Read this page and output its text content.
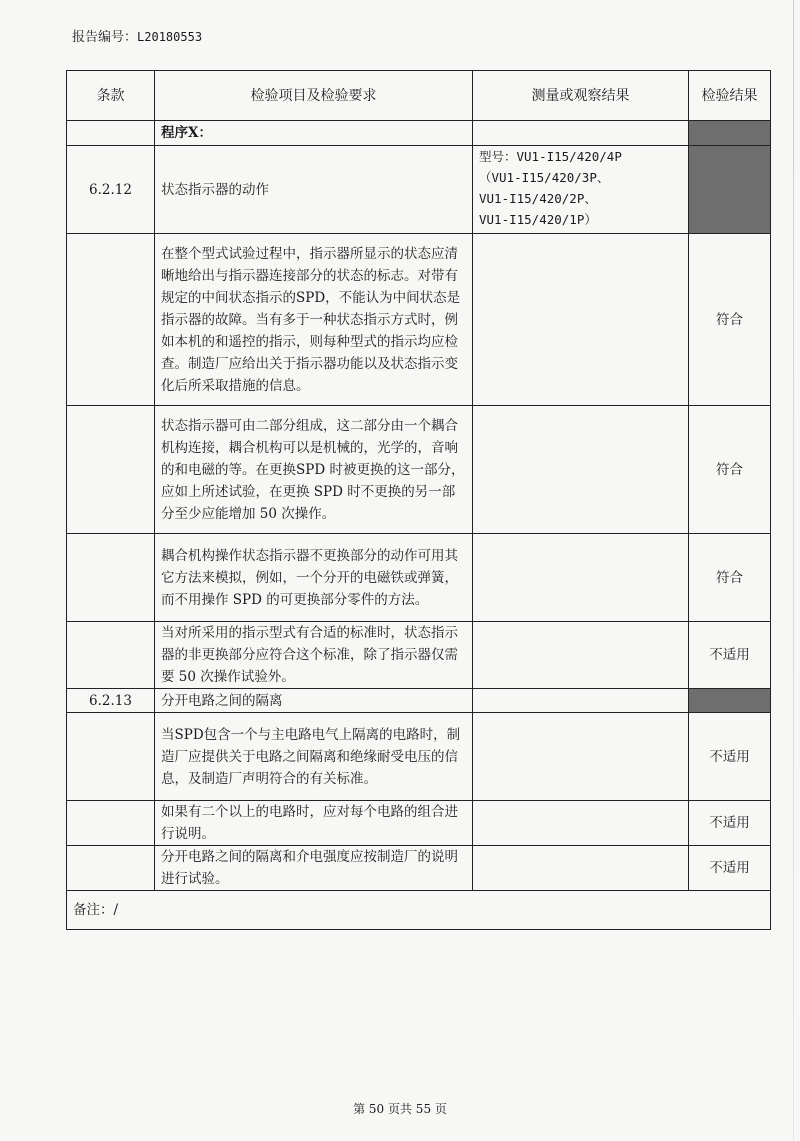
报告编号：L20180553
条款	检验项目及检验要求	测量或观察结果	检验结果
	程序X：		
6.2.12	状态指示器的动作	型号：VU1-I15/420/4P
（VU1-I15/420/3P、
VU1-I15/420/2P、
VU1-I15/420/1P）	

	在整个型式试验过程中，指示器所显示的状态应清晰地给出与指示器连接部分的状态的标志。对带有规定的中间状态指示的SPD，不能认为中间状态是指示器的故障。当有多于一种状态指示方式时，例如本机的和遥控的指示，则每种型式的指示均应检查。制造厂应给出关于指示器功能以及状态指示变化后所采取措施的信息。		符合
	状态指示器可由二部分组成，这二部分由一个耦合机构连接，耦合机构可以是机械的，光学的，音响的和电磁的等。在更换SPD 时被更换的这一部分，应如上所述试验，在更换 SPD 时不更换的另一部分至少应能增加 50 次操作。		符合
	耦合机构操作状态指示器不更换部分的动作可用其它方法来模拟，例如，一个分开的电磁铁或弹簧，而不用操作 SPD 的可更换部分零件的方法。		符合
	当对所采用的指示型式有合适的标准时，状态指示器的非更换部分应符合这个标准，除了指示器仅需要 50 次操作试验外。		不适用
6.2.13	分开电路之间的隔离		
	当SPD包含一个与主电路电气上隔离的电路时，制造厂应提供关于电路之间隔离和绝缘耐受电压的信息，及制造厂声明符合的有关标准。		不适用
	如果有二个以上的电路时，应对每个电路的组合进行说明。		不适用
	分开电路之间的隔离和介电强度应按制造厂的说明进行试验。		不适用
备注：/			
第 50 页共 55 页
